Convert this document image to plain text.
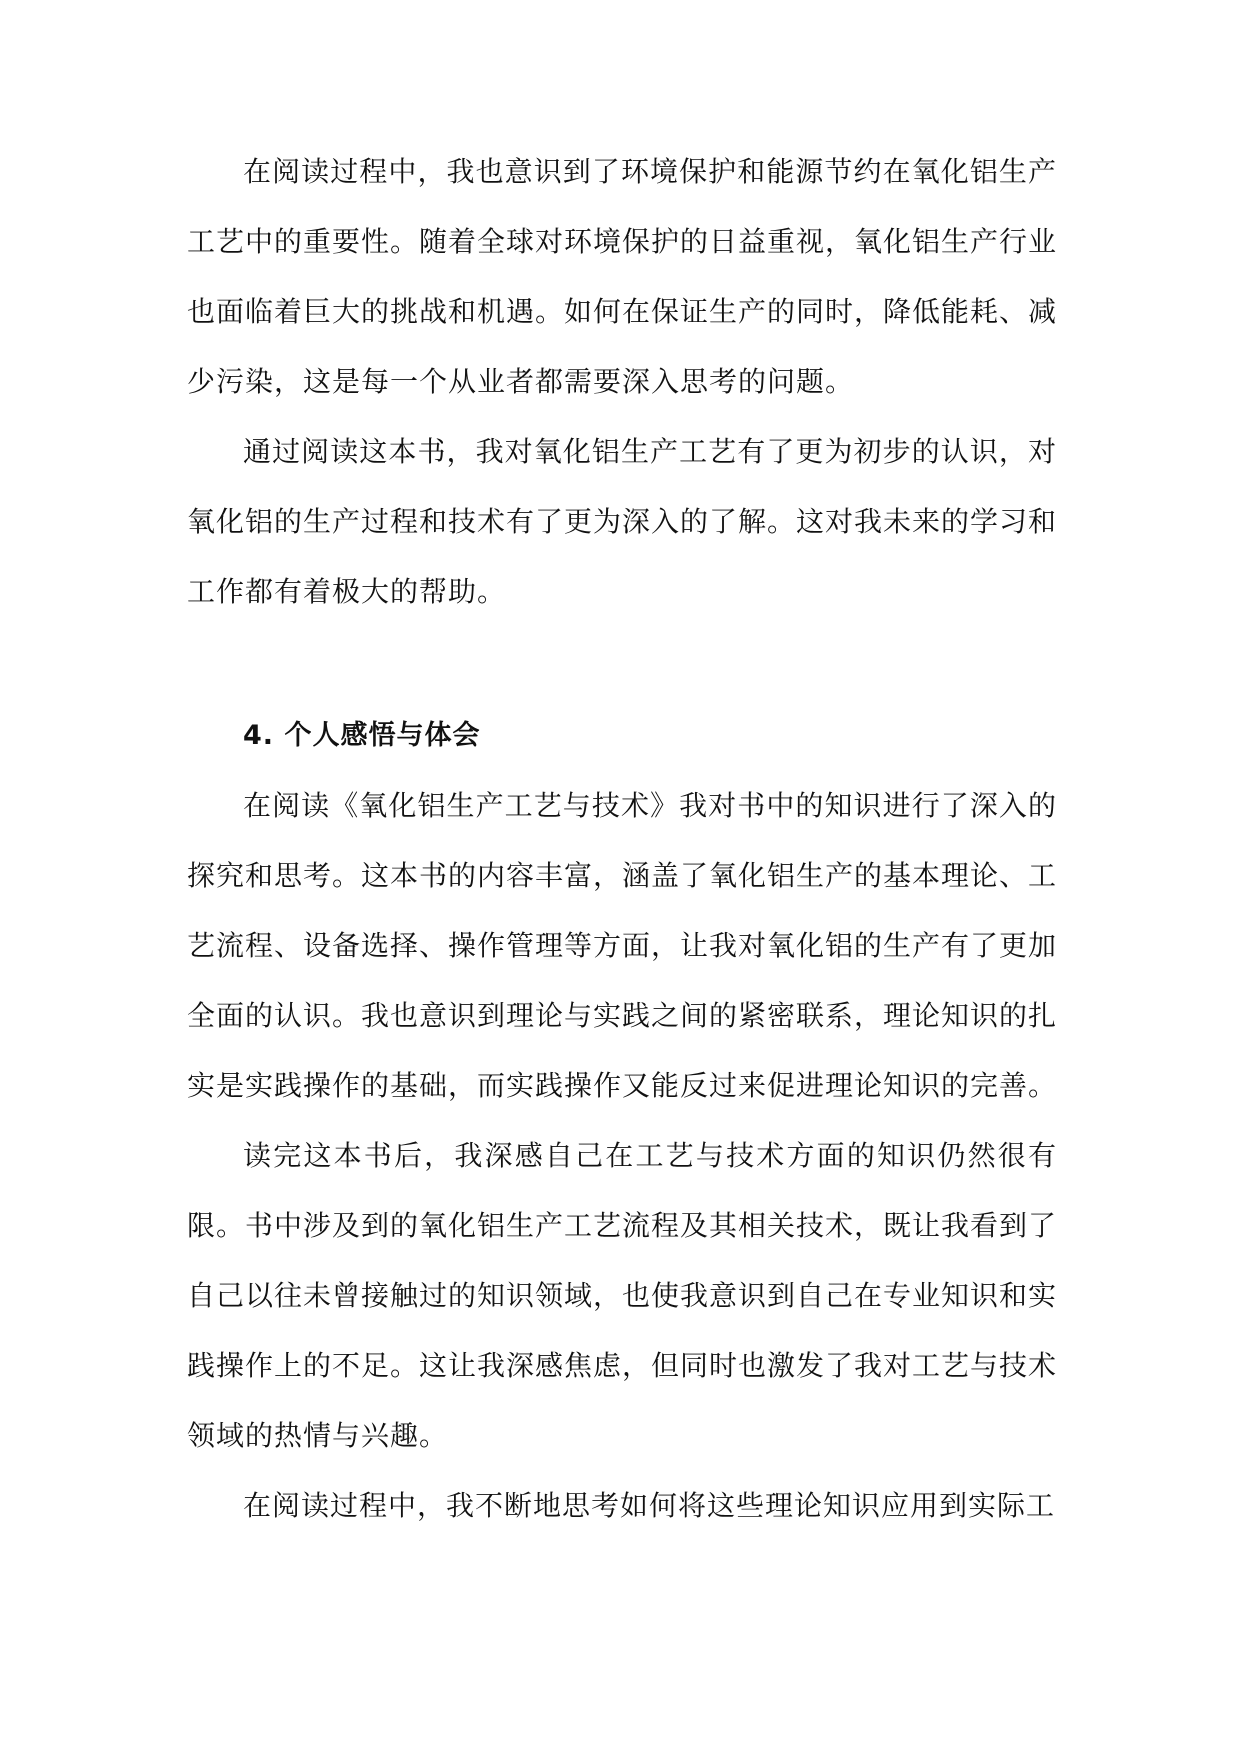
在阅读过程中，我也意识到了环境保护和能源节约在氧化铝生产工艺中的重要性。随着全球对环境保护的日益重视，氧化铝生产行业也面临着巨大的挑战和机遇。如何在保证生产的同时，降低能耗、减少污染，这是每一个从业者都需要深入思考的问题。

通过阅读这本书，我对氧化铝生产工艺有了更为初步的认识，对氧化铝的生产过程和技术有了更为深入的了解。这对我未来的学习和工作都有着极大的帮助。

4. 个人感悟与体会

在阅读《氧化铝生产工艺与技术》我对书中的知识进行了深入的探究和思考。这本书的内容丰富，涵盖了氧化铝生产的基本理论、工艺流程、设备选择、操作管理等方面，让我对氧化铝的生产有了更加全面的认识。我也意识到理论与实践之间的紧密联系，理论知识的扎实是实践操作的基础，而实践操作又能反过来促进理论知识的完善。

读完这本书后，我深感自己在工艺与技术方面的知识仍然很有限。书中涉及到的氧化铝生产工艺流程及其相关技术，既让我看到了自己以往未曾接触过的知识领域，也使我意识到自己在专业知识和实践操作上的不足。这让我深感焦虑，但同时也激发了我对工艺与技术领域的热情与兴趣。

在阅读过程中，我不断地思考如何将这些理论知识应用到实际工
